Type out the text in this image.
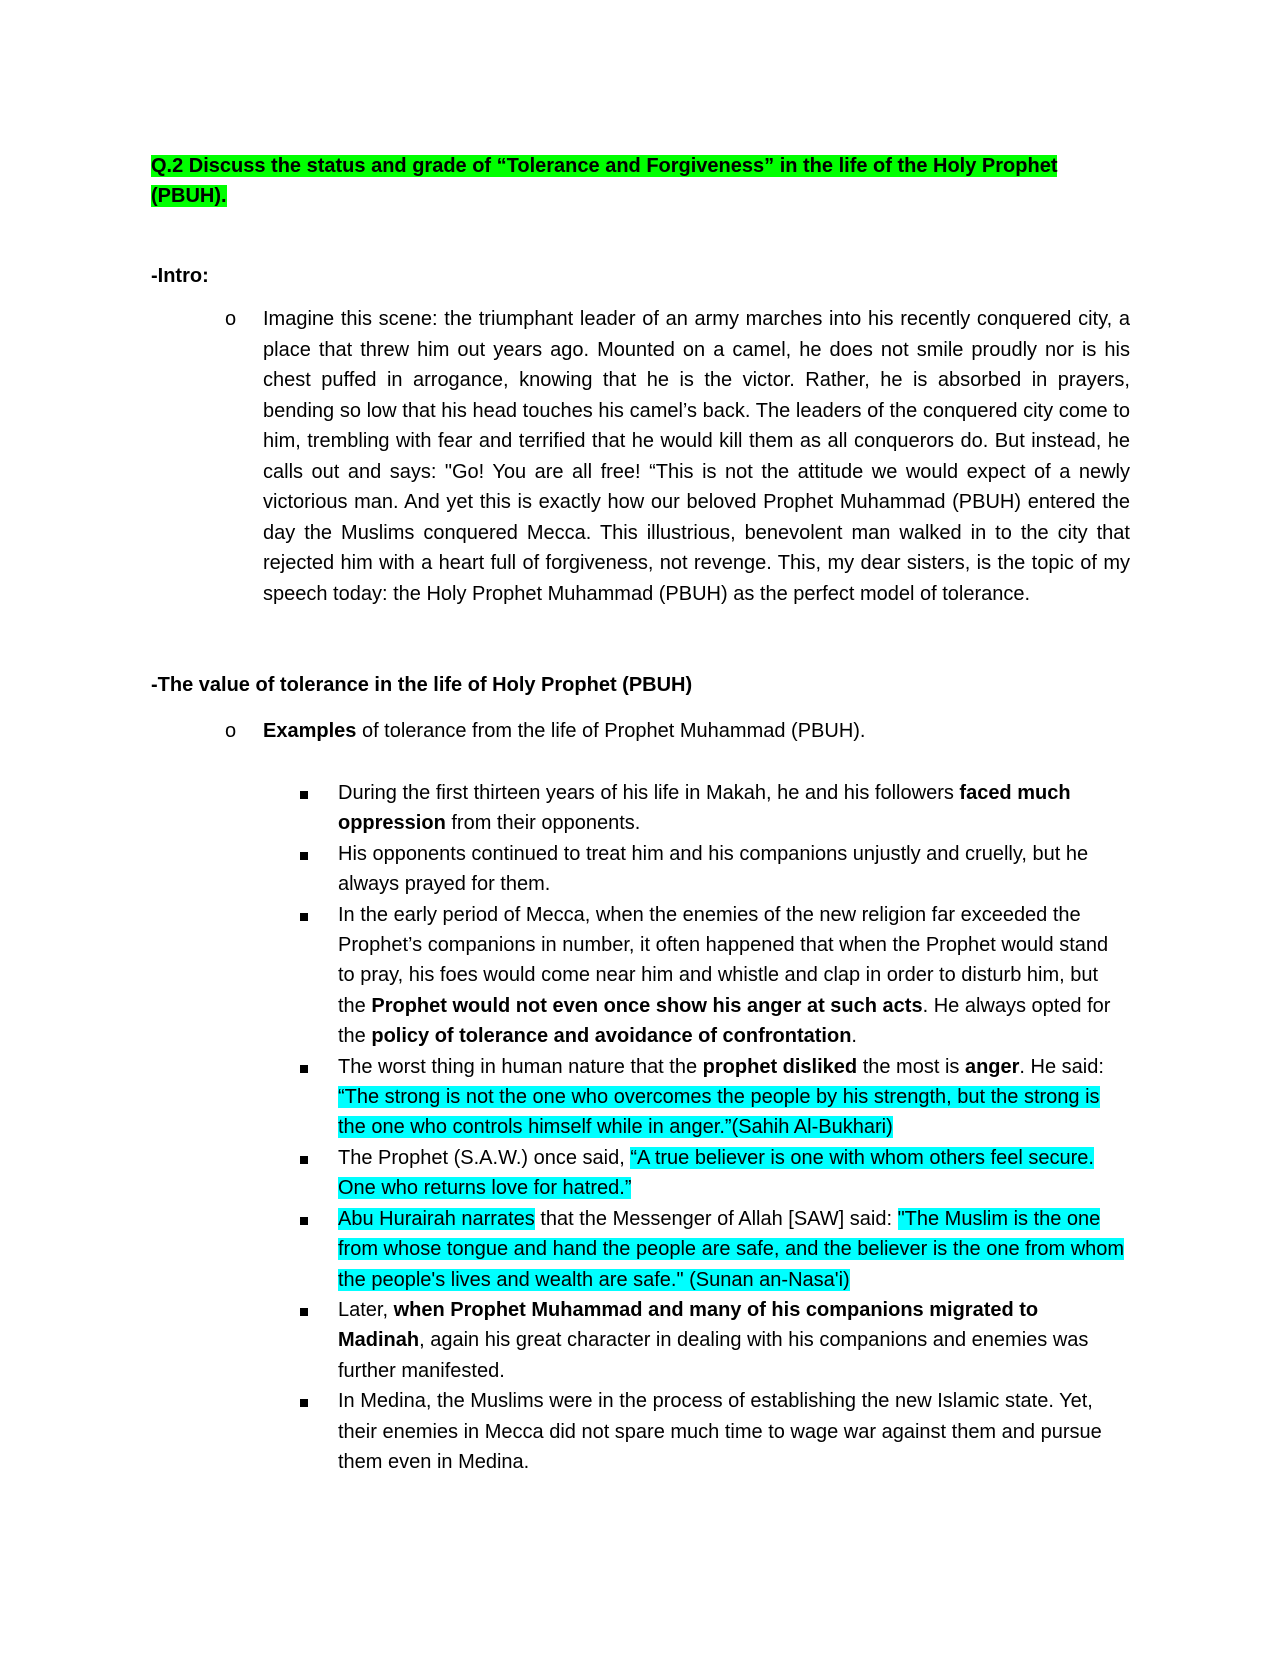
Q.2 Discuss the status and grade of “Tolerance and Forgiveness” in the life of the Holy Prophet
(PBUH).
-Intro:
o	Imagine this scene: the triumphant leader of an army marches into his recently conquered city, a place that threw him out years ago. Mounted on a camel, he does not smile proudly nor is his chest puffed in arrogance, knowing that he is the victor. Rather, he is absorbed in prayers, bending so low that his head touches his camel’s back. The leaders of the conquered city come to him, trembling with fear and terrified that he would kill them as all conquerors do. But instead, he calls out and says: "Go! You are all free! “This is not the attitude we would expect of a newly victorious man. And yet this is exactly how our beloved Prophet Muhammad (PBUH) entered the day the Muslims conquered Mecca. This illustrious, benevolent man walked in to the city that rejected him with a heart full of forgiveness, not revenge. This, my dear sisters, is the topic of my speech today: the Holy Prophet Muhammad (PBUH) as the perfect model of tolerance.
-The value of tolerance in the life of Holy Prophet (PBUH)
o	Examples of tolerance from the life of Prophet Muhammad (PBUH).
During the first thirteen years of his life in Makah, he and his followers faced much oppression from their opponents.
His opponents continued to treat him and his companions unjustly and cruelly, but he always prayed for them.
In the early period of Mecca, when the enemies of the new religion far exceeded the Prophet’s companions in number, it often happened that when the Prophet would stand to pray, his foes would come near him and whistle and clap in order to disturb him, but the Prophet would not even once show his anger at such acts. He always opted for the policy of tolerance and avoidance of confrontation.
The worst thing in human nature that the prophet disliked the most is anger. He said: “The strong is not the one who overcomes the people by his strength, but the strong is the one who controls himself while in anger.”(Sahih Al-Bukhari)
The Prophet (S.A.W.) once said, “A true believer is one with whom others feel secure. One who returns love for hatred.”
Abu Hurairah narrates that the Messenger of Allah [SAW] said: "The Muslim is the one from whose tongue and hand the people are safe, and the believer is the one from whom the people's lives and wealth are safe." (Sunan an-Nasa'i)
Later, when Prophet Muhammad and many of his companions migrated to Madinah, again his great character in dealing with his companions and enemies was further manifested.
In Medina, the Muslims were in the process of establishing the new Islamic state. Yet, their enemies in Mecca did not spare much time to wage war against them and pursue them even in Medina.
